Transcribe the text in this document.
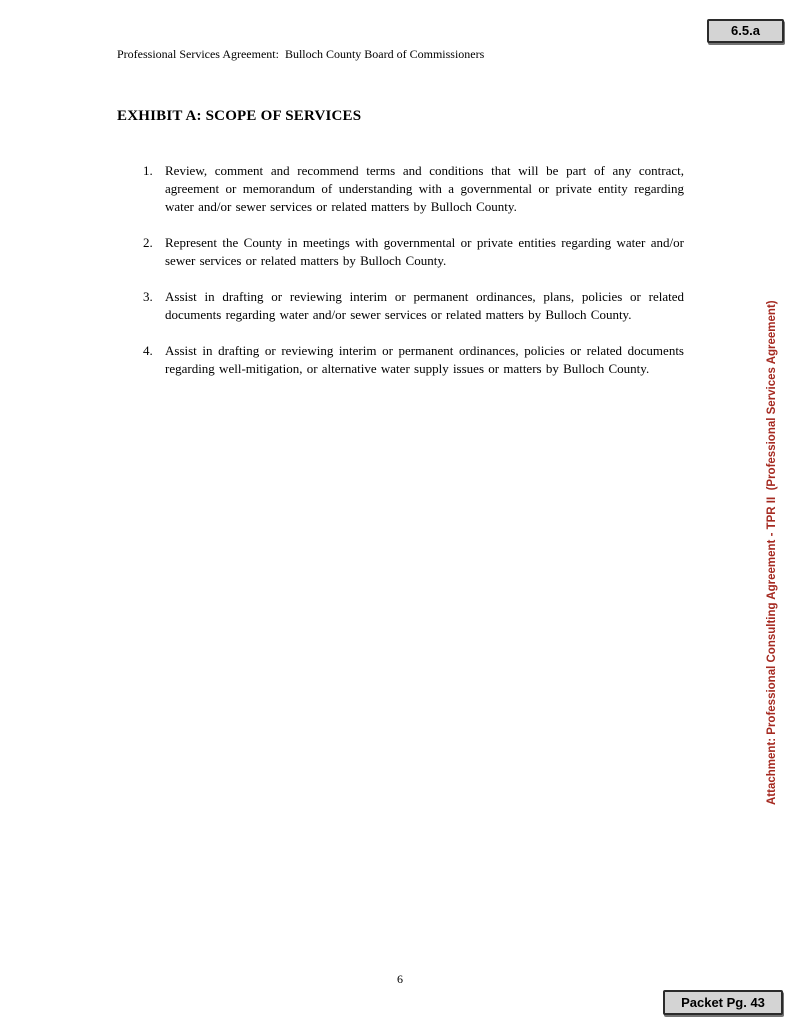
6.5.a
Professional Services Agreement:  Bulloch County Board of Commissioners
EXHIBIT A: SCOPE OF SERVICES
1. Review, comment and recommend terms and conditions that will be part of any contract, agreement or memorandum of understanding with a governmental or private entity regarding water and/or sewer services or related matters by Bulloch County.
2. Represent the County in meetings with governmental or private entities regarding water and/or sewer services or related matters by Bulloch County.
3. Assist in drafting or reviewing interim or permanent ordinances, plans, policies or related documents regarding water and/or sewer services or related matters by Bulloch County.
4. Assist in drafting or reviewing interim or permanent ordinances, policies or related documents regarding well-mitigation, or alternative water supply issues or matters by Bulloch County.	Attachment: Professional Consulting Agreement - TPR II  (Professional Services Agreement)
6
Packet Pg. 43
